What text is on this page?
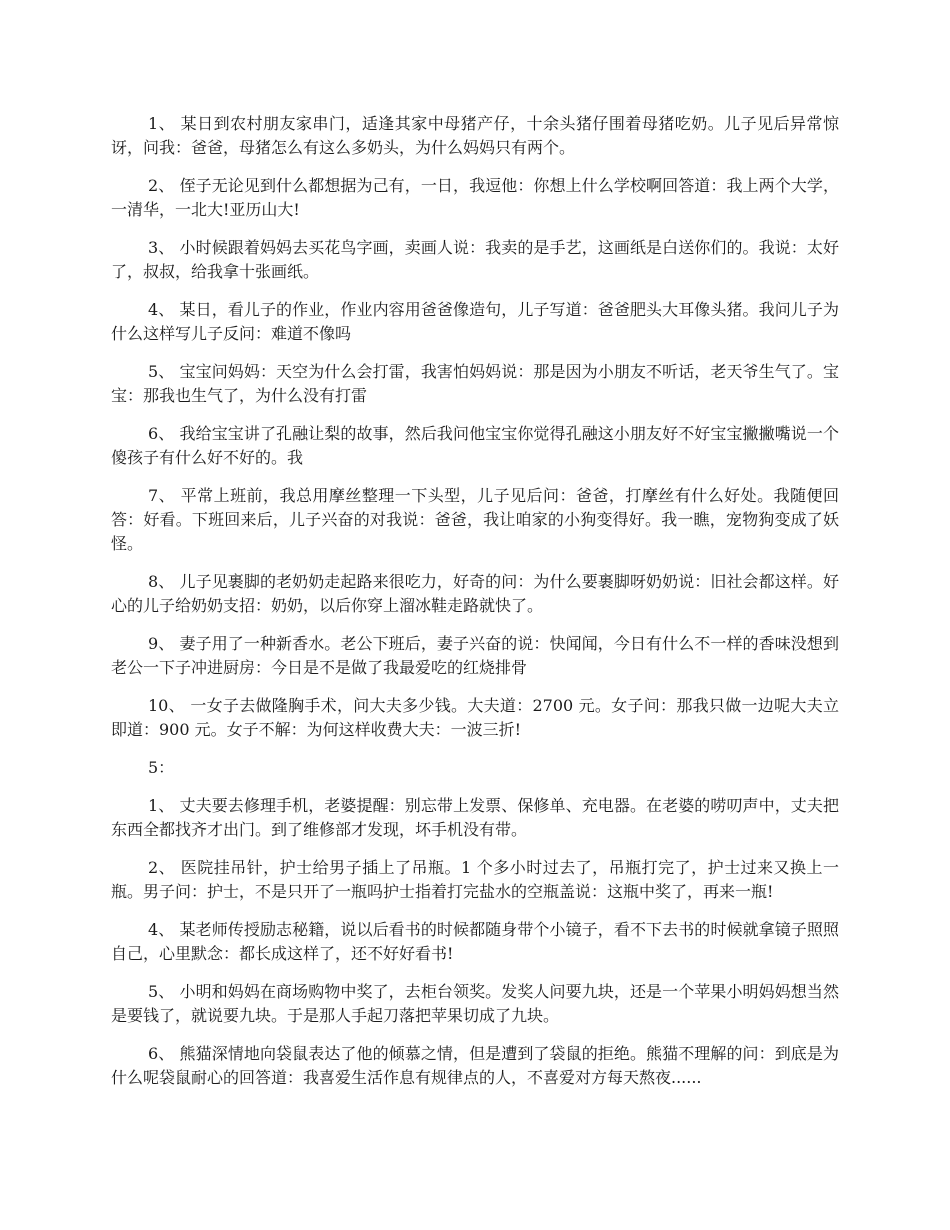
1、 某日到农村朋友家串门，适逢其家中母猪产仔，十余头猪仔围着母猪吃奶。儿子见后异常惊讶，问我：爸爸，母猪怎么有这么多奶头，为什么妈妈只有两个。

2、 侄子无论见到什么都想据为己有，一日，我逗他：你想上什么学校啊回答道：我上两个大学，一清华，一北大!亚历山大!

3、 小时候跟着妈妈去买花鸟字画，卖画人说：我卖的是手艺，这画纸是白送你们的。我说：太好了，叔叔，给我拿十张画纸。

4、 某日，看儿子的作业，作业内容用爸爸像造句，儿子写道：爸爸肥头大耳像头猪。我问儿子为什么这样写儿子反问：难道不像吗

5、 宝宝问妈妈：天空为什么会打雷，我害怕妈妈说：那是因为小朋友不听话，老天爷生气了。宝宝：那我也生气了，为什么没有打雷

6、 我给宝宝讲了孔融让梨的故事，然后我问他宝宝你觉得孔融这小朋友好不好宝宝撇撇嘴说一个傻孩子有什么好不好的。我

7、 平常上班前，我总用摩丝整理一下头型，儿子见后问：爸爸，打摩丝有什么好处。我随便回答：好看。下班回来后，儿子兴奋的对我说：爸爸，我让咱家的小狗变得好。我一瞧，宠物狗变成了妖怪。

8、 儿子见裹脚的老奶奶走起路来很吃力，好奇的问：为什么要裹脚呀奶奶说：旧社会都这样。好心的儿子给奶奶支招：奶奶，以后你穿上溜冰鞋走路就快了。

9、 妻子用了一种新香水。老公下班后，妻子兴奋的说：快闻闻，今日有什么不一样的香味没想到老公一下子冲进厨房：今日是不是做了我最爱吃的红烧排骨

10、 一女子去做隆胸手术，问大夫多少钱。大夫道：2700 元。女子问：那我只做一边呢大夫立即道：900 元。女子不解：为何这样收费大夫：一波三折!

5：

1、 丈夫要去修理手机，老婆提醒：别忘带上发票、保修单、充电器。在老婆的唠叨声中，丈夫把东西全都找齐才出门。到了维修部才发现，坏手机没有带。

2、 医院挂吊针，护士给男子插上了吊瓶。1 个多小时过去了，吊瓶打完了，护士过来又换上一瓶。男子问：护士，不是只开了一瓶吗护士指着打完盐水的空瓶盖说：这瓶中奖了，再来一瓶!

4、 某老师传授励志秘籍，说以后看书的时候都随身带个小镜子，看不下去书的时候就拿镜子照照自己，心里默念：都长成这样了，还不好好看书!

5、 小明和妈妈在商场购物中奖了，去柜台领奖。发奖人问要九块，还是一个苹果小明妈妈想当然是要钱了，就说要九块。于是那人手起刀落把苹果切成了九块。

6、 熊猫深情地向袋鼠表达了他的倾慕之情，但是遭到了袋鼠的拒绝。熊猫不理解的问：到底是为什么呢袋鼠耐心的回答道：我喜爱生活作息有规律点的人，不喜爱对方每天熬夜......
